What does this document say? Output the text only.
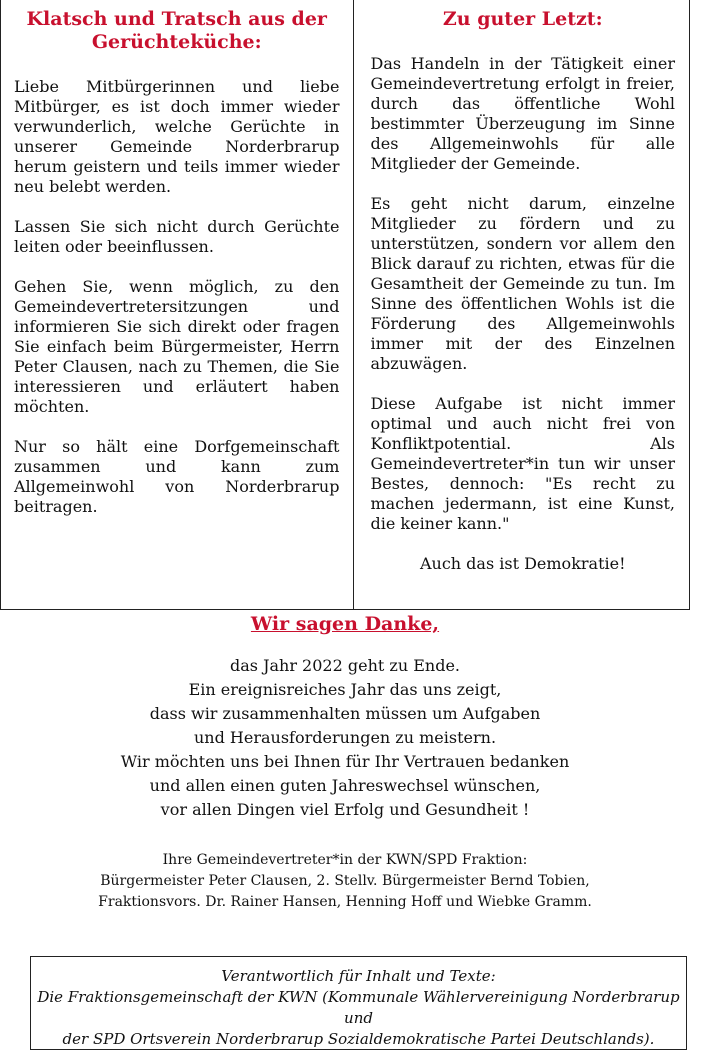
Klatsch und Tratsch aus der Gerüchteküche:

Liebe Mitbürgerinnen und liebe Mitbürger, es ist doch immer wieder verwunderlich, welche Gerüchte in unserer Gemeinde Norderbrarup herum geistern und teils immer wieder neu belebt werden.

Lassen Sie sich nicht durch Gerüchte leiten oder beeinflussen.

Gehen Sie, wenn möglich, zu den Gemeindevertretersitzungen und informieren Sie sich direkt oder fragen Sie einfach beim Bürgermeister, Herrn Peter Clausen, nach zu Themen, die Sie interessieren und erläutert haben möchten.

Nur so hält eine Dorfgemeinschaft zusammen und kann zum Allgemeinwohl von Norderbrarup beitragen.

Zu guter Letzt:

Das Handeln in der Tätigkeit einer Gemeindevertretung erfolgt in freier, durch das öffentliche Wohl bestimmter Überzeugung im Sinne des Allgemeinwohls für alle Mitglieder der Gemeinde.

Es geht nicht darum, einzelne Mitglieder zu fördern und zu unterstützen, sondern vor allem den Blick darauf zu richten, etwas für die Gesamtheit der Gemeinde zu tun. Im Sinne des öffentlichen Wohls ist die Förderung des Allgemeinwohls immer mit der des Einzelnen abzuwägen.

Diese Aufgabe ist nicht immer optimal und auch nicht frei von Konfliktpotential. Als Gemeindevertreter*in tun wir unser Bestes, dennoch: "Es recht zu machen jedermann, ist eine Kunst, die keiner kann."

Auch das ist Demokratie!

Wir sagen Danke,

das Jahr 2022 geht zu Ende.

Ein ereignisreiches Jahr das uns zeigt,

dass wir zusammenhalten müssen um Aufgaben

und Herausforderungen zu meistern.

Wir möchten uns bei Ihnen für Ihr Vertrauen bedanken

und allen einen guten Jahreswechsel wünschen,

vor allen Dingen viel Erfolg und Gesundheit !

Ihre Gemeindevertreter*in der KWN/SPD Fraktion:

Bürgermeister Peter Clausen, 2. Stellv. Bürgermeister Bernd Tobien,

Fraktionsvors. Dr. Rainer Hansen, Henning Hoff und Wiebke Gramm.

Verantwortlich für Inhalt und Texte:

Die Fraktionsgemeinschaft der KWN (Kommunale Wählervereinigung Norderbrarup und

der SPD Ortsverein Norderbrarup Sozialdemokratische Partei Deutschlands).
